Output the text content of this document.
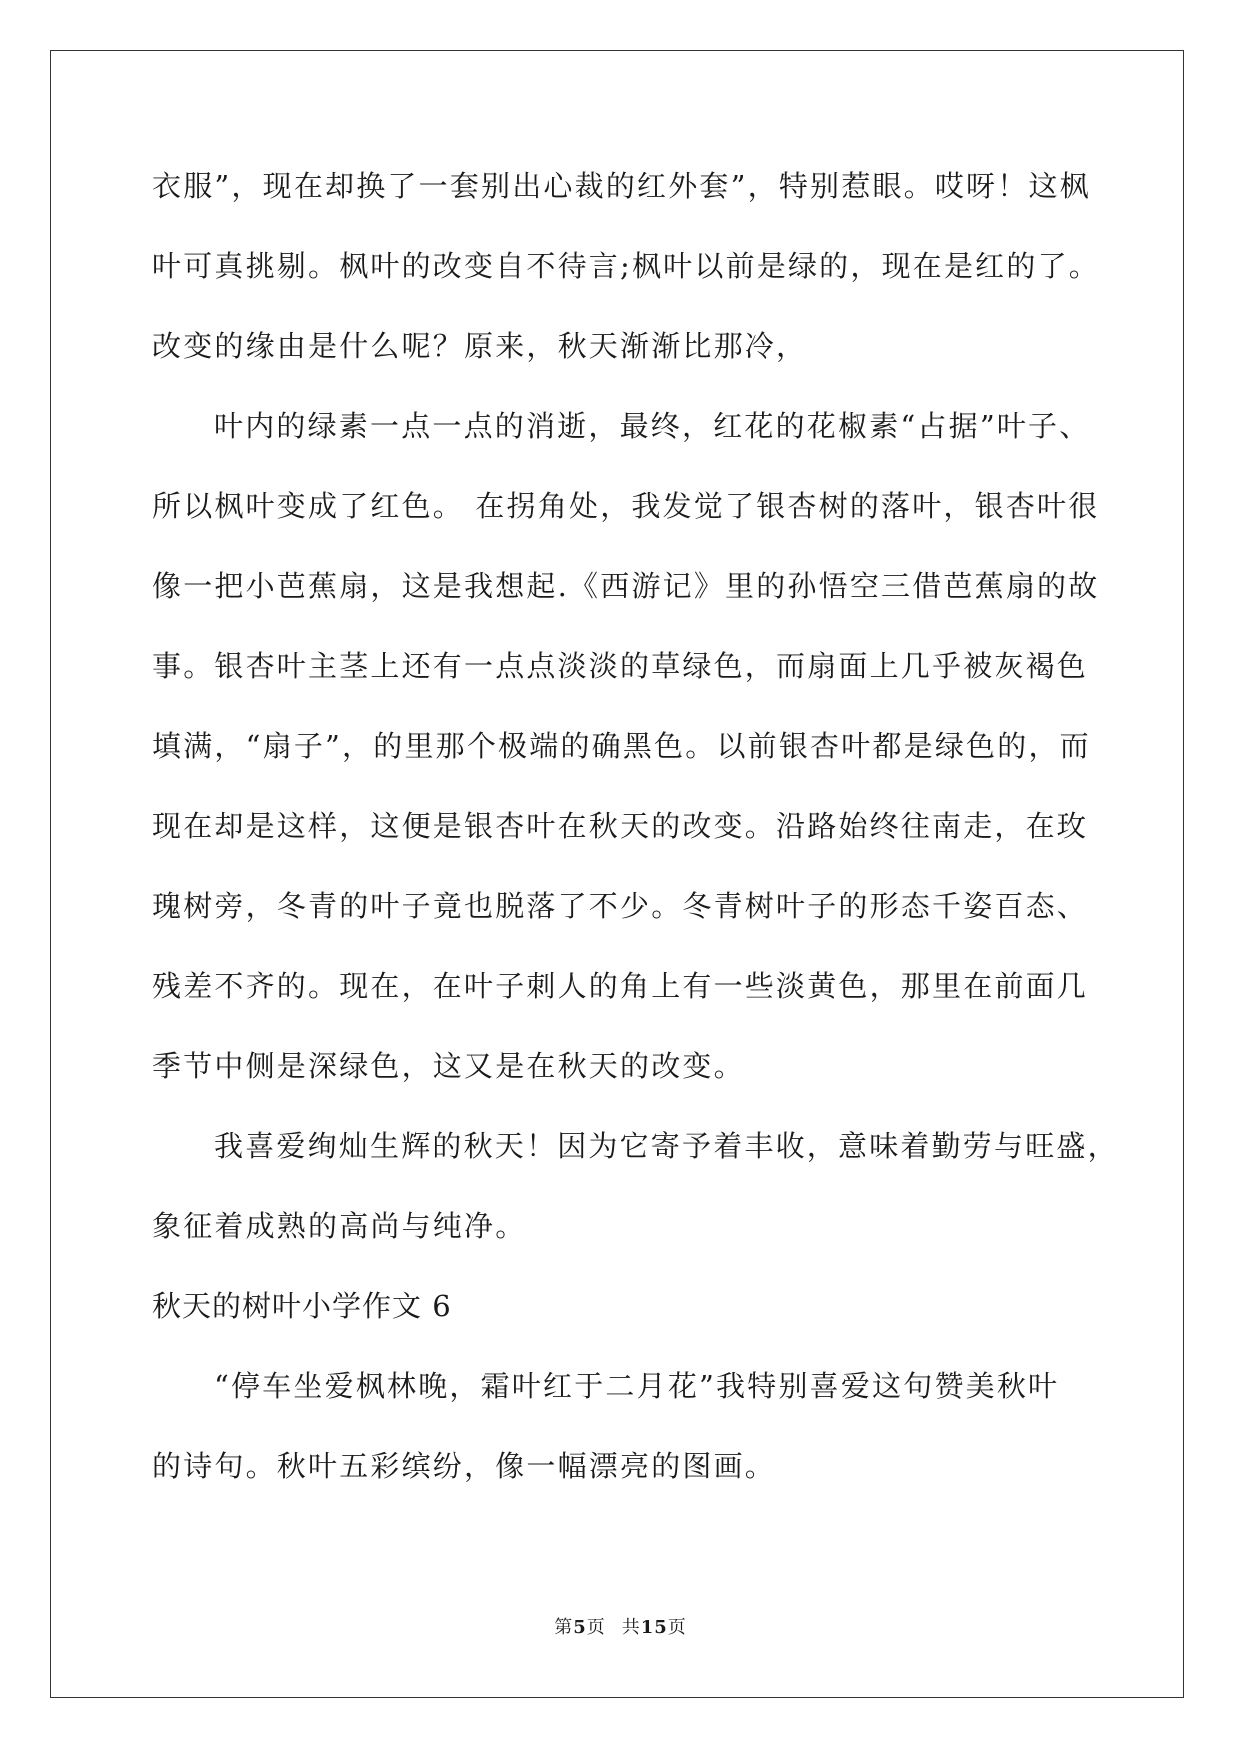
衣服”，现在却换了一套别出心裁的红外套”，特别惹眼。哎呀！这枫
叶可真挑剔。枫叶的改变自不待言;枫叶以前是绿的，现在是红的了。
改变的缘由是什么呢？原来，秋天渐渐比那冷，
叶内的绿素一点一点的消逝，最终，红花的花椒素“占据”叶子、
所以枫叶变成了红色。 在拐角处，我发觉了银杏树的落叶，银杏叶很
像一把小芭蕉扇，这是我想起.《西游记》里的孙悟空三借芭蕉扇的故
事。银杏叶主茎上还有一点点淡淡的草绿色，而扇面上几乎被灰褐色
填满，“扇子”，的里那个极端的确黑色。以前银杏叶都是绿色的，而
现在却是这样，这便是银杏叶在秋天的改变。沿路始终往南走，在玫
瑰树旁，冬青的叶子竟也脱落了不少。冬青树叶子的形态千姿百态、
残差不齐的。现在，在叶子刺人的角上有一些淡黄色，那里在前面几
季节中侧是深绿色，这又是在秋天的改变。
我喜爱绚灿生辉的秋天！因为它寄予着丰收，意味着勤劳与旺盛，
象征着成熟的高尚与纯净。
秋天的树叶小学作文 6
“停车坐爱枫林晚，霜叶红于二月花”我特别喜爱这句赞美秋叶
的诗句。秋叶五彩缤纷，像一幅漂亮的图画。
第5页 共15页
